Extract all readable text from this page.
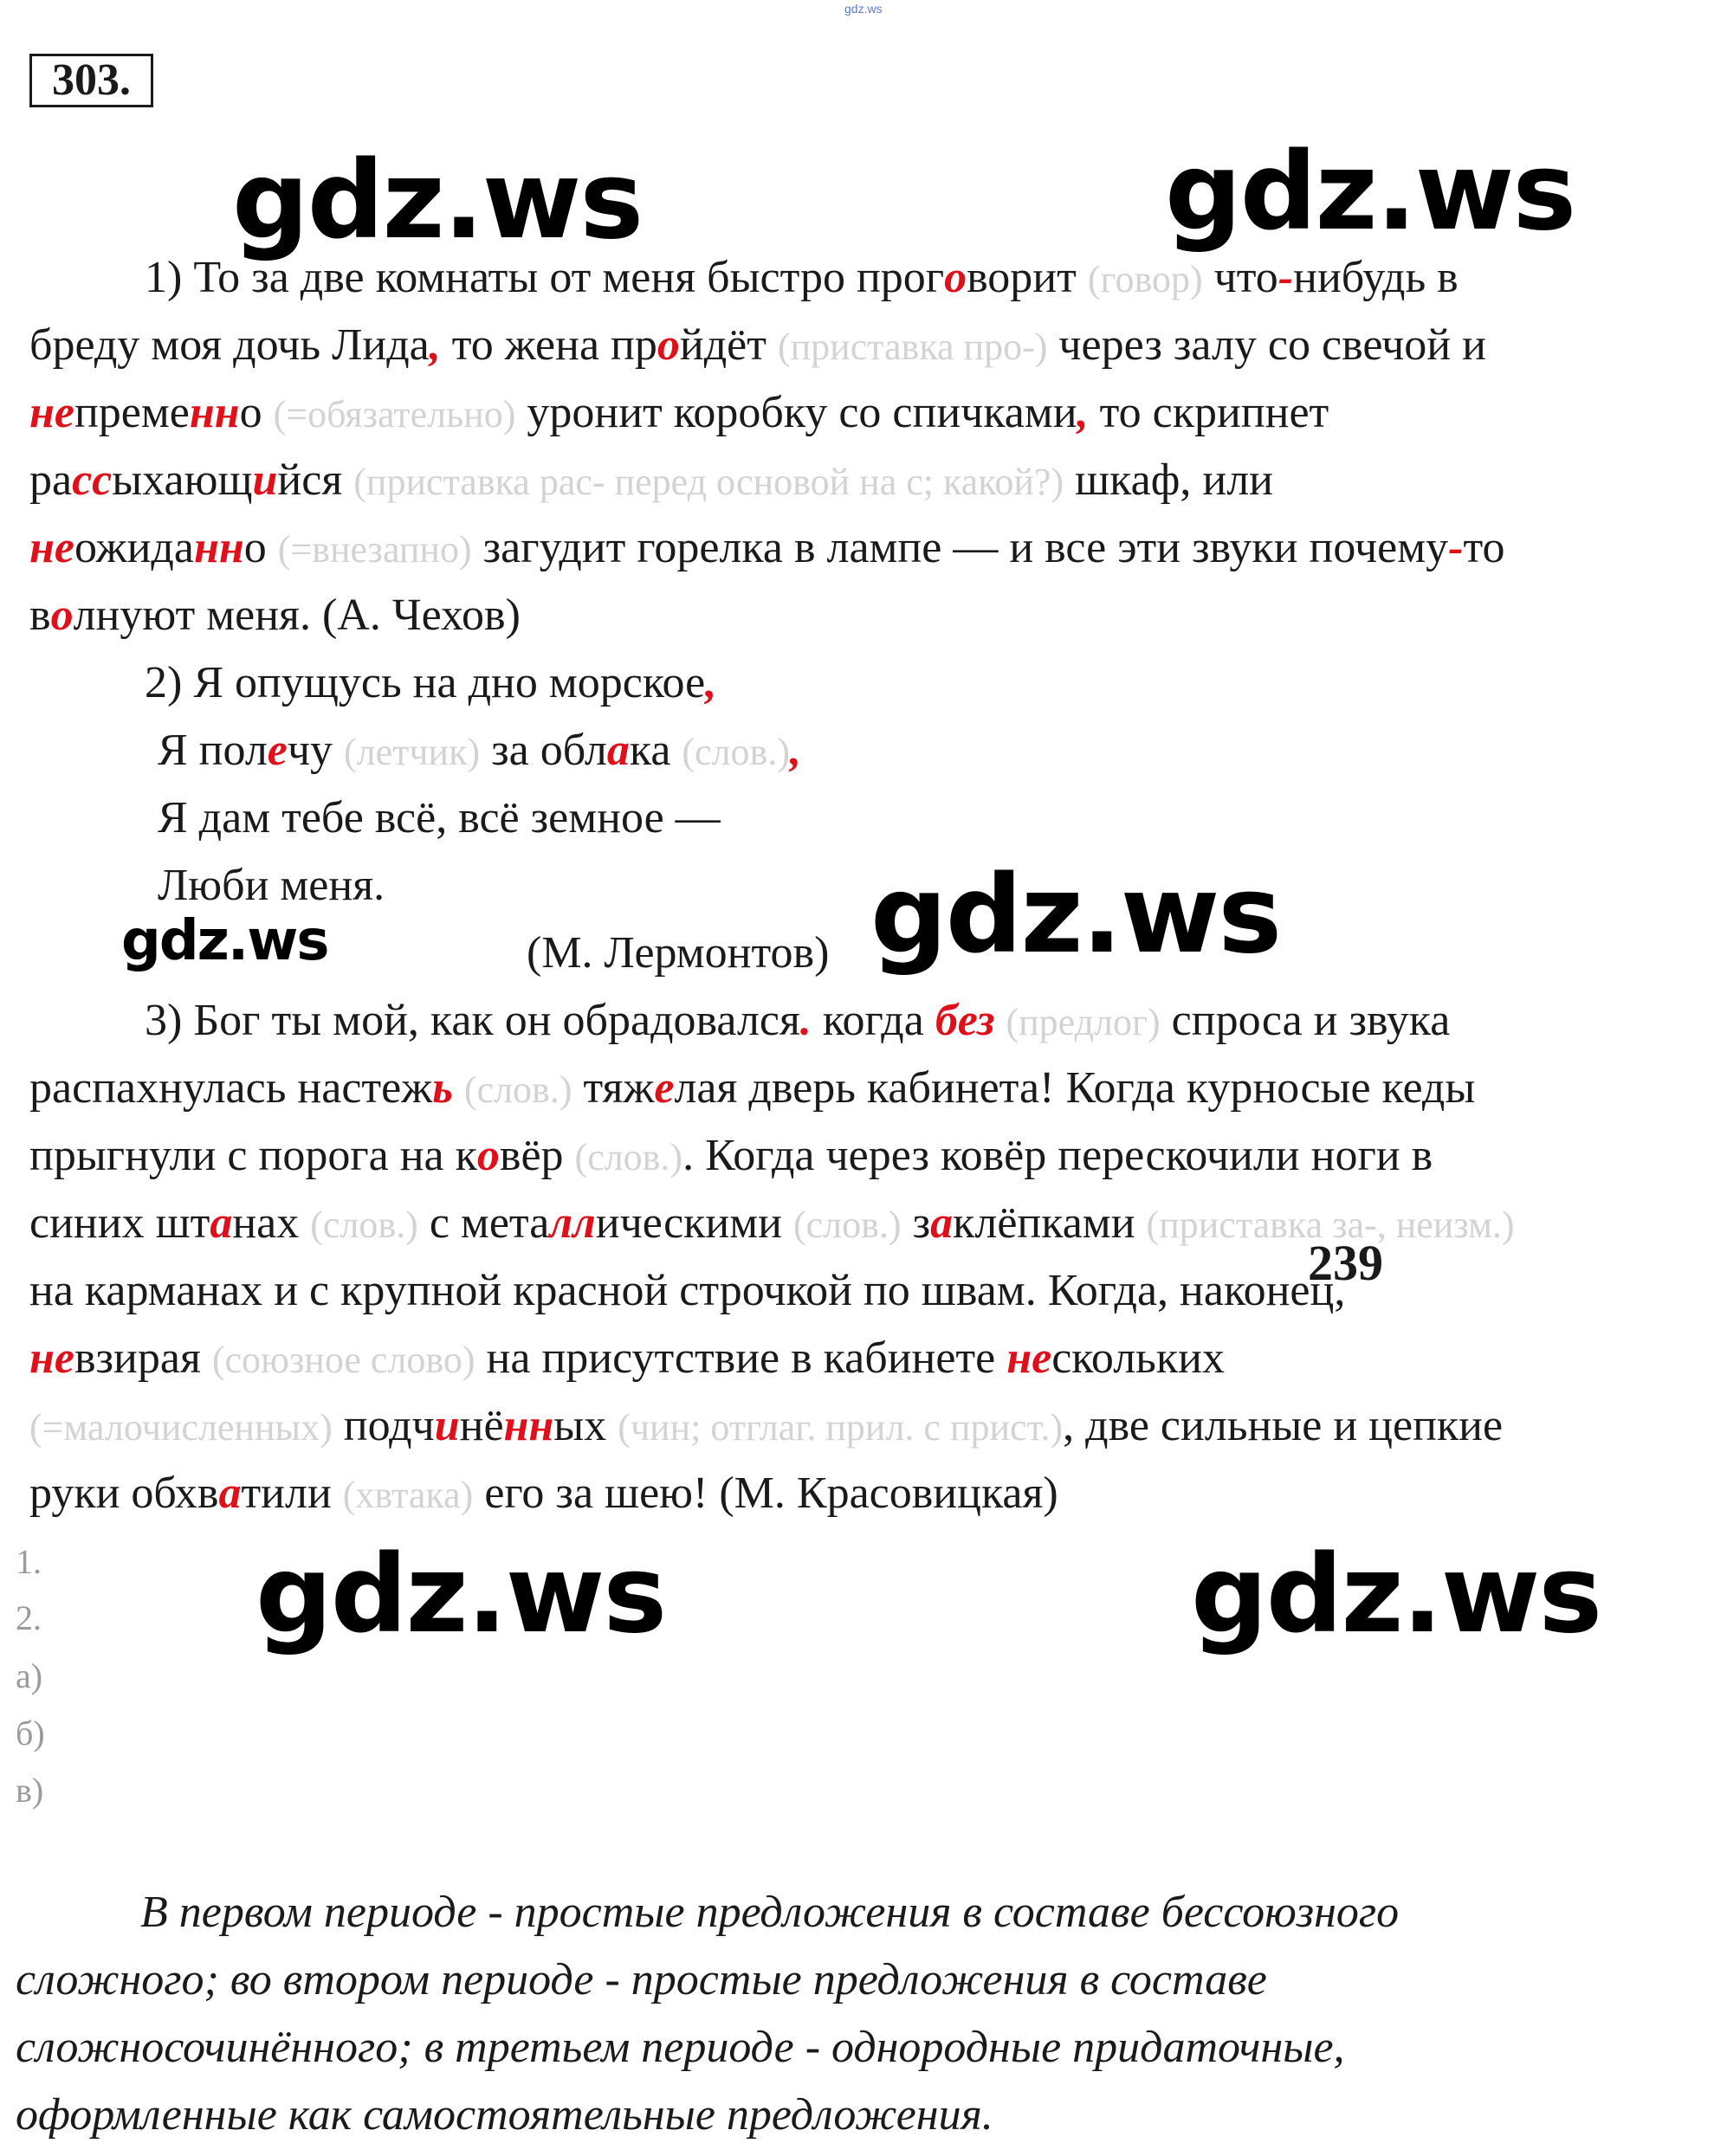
gdz.ws
303.
gdz.ws	gdz.ws
gdz.ws
gdz.ws
gdz.ws	gdz.ws
1) То за две комнаты от меня быстро проговорит (говор) что-нибудь в
бреду моя дочь Лида, то жена пройдёт (приставка про-) через залу со свечой и
непременно (=обязательно) уронит коробку со спичками, то скрипнет
рассыхающийся (приставка рас- перед основой на с; какой?) шкаф, или
неожиданно (=внезапно) загудит горелка в лампе — и все эти звуки почему-то
волнуют меня. (А. Чехов)
2) Я опущусь на дно морское,
Я полечу (летчик) за облака (слов.),
Я дам тебе всё, всё земное —
Люби меня.
(М. Лермонтов)
3) Бог ты мой, как он обрадовался. когда без (предлог) спроса и звука
распахнулась настежь (слов.) тяжелая дверь кабинета! Когда курносые кеды
прыгнули с порога на ковёр (слов.). Когда через ковёр перескочили ноги в
синих штанах (слов.) с металлическими (слов.) заклёпками (приставка за-, неизм.)
239
на карманах и с крупной красной строчкой по швам. Когда, наконец,
невзирая (союзное слово) на присутствие в кабинете нескольких
(=малочисленных) подчинённых (чин; отглаг. прил. с прист.), две сильные и цепкие
руки обхватили (хвтака) его за шею! (М. Красовицкая)
1.
2.
а)
б)
в)
В первом периоде - простые предложения в составе бессоюзного
сложного; во втором периоде - простые предложения в составе
сложносочинённого; в третьем периоде - однородные придаточные,
оформленные как самостоятельные предложения.
